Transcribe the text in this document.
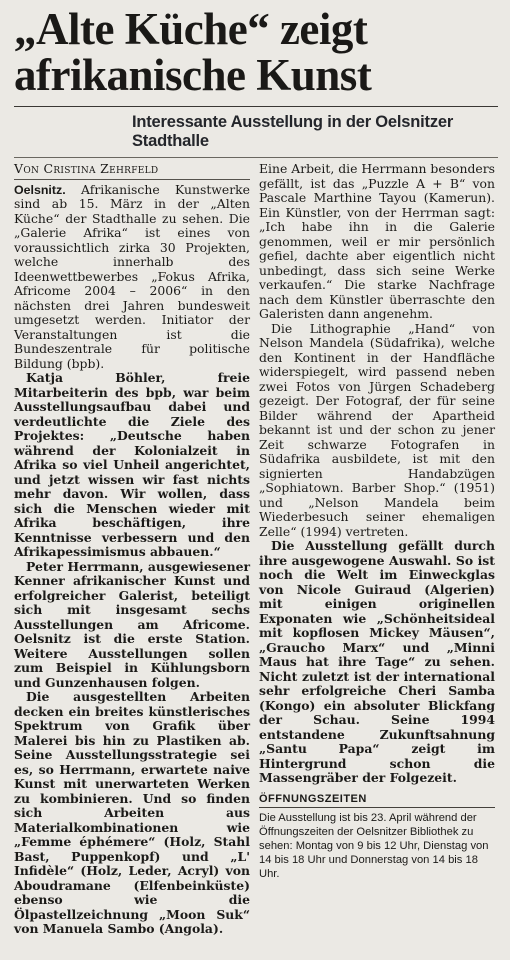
„Alte Küche“ zeigt
afrikanische Kunst
Interessante Ausstellung in der Oelsnitzer Stadthalle
Von Cristina Zehrfeld

Oelsnitz. Afrikanische Kunstwerke sind ab 15. März in der „Alten Küche“ der Stadthalle zu sehen. Die „Galerie Afrika“ ist eines von voraussichtlich zirka 30 Projekten, welche innerhalb des Ideenwettbewerbes „Fokus Afrika, Africome 2004 – 2006“ in den nächsten drei Jahren bundesweit umgesetzt werden. Initiator der Veranstaltungen ist die Bundeszentrale für politische Bildung (bpb).

Katja Böhler, freie Mitarbeiterin des bpb, war beim Ausstellungsaufbau dabei und verdeutlichte die Ziele des Projektes: „Deutsche haben während der Kolonialzeit in Afrika so viel Unheil angerichtet, und jetzt wissen wir fast nichts mehr davon. Wir wollen, dass sich die Menschen wieder mit Afrika beschäftigen, ihre Kenntnisse verbessern und den Afrikapessimismus abbauen.“

Peter Herrmann, ausgewiesener Kenner afrikanischer Kunst und erfolgreicher Galerist, beteiligt sich mit insgesamt sechs Ausstellungen am Africome. Oelsnitz ist die erste Station. Weitere Ausstellungen sollen zum Beispiel in Kühlungsborn und Gunzenhausen folgen.

Die ausgestellten Arbeiten decken ein breites künstlerisches Spektrum von Grafik über Malerei bis hin zu Plastiken ab. Seine Ausstellungsstrategie sei es, so Herrmann, erwartete naive Kunst mit unerwarteten Werken zu kombinieren. Und so finden sich Arbeiten aus Materialkombinationen wie „Femme éphémere“ (Holz, Stahl Bast, Puppenkopf) und „L' Infidèle“ (Holz, Leder, Acryl) von Aboudramane (Elfenbeinküste) ebenso wie die Ölpastellzeichnung „Moon Suk“ von Manuela Sambo (Angola).

Eine Arbeit, die Herrmann besonders gefällt, ist das „Puzzle A + B“ von Pascale Marthine Tayou (Kamerun). Ein Künstler, von der Herrman sagt: „Ich habe ihn in die Galerie genommen, weil er mir persönlich gefiel, dachte aber eigentlich nicht unbedingt, dass sich seine Werke verkaufen.“ Die starke Nachfrage nach dem Künstler überraschte den Galeristen dann angenehm.

Die Lithographie „Hand“ von Nelson Mandela (Südafrika), welche den Kontinent in der Handfläche widerspiegelt, wird passend neben zwei Fotos von Jürgen Schadeberg gezeigt. Der Fotograf, der für seine Bilder während der Apartheid bekannt ist und der schon zu jener Zeit schwarze Fotografen in Südafrika ausbildete, ist mit den signierten Handabzügen „Sophiatown. Barber Shop.“ (1951) und „Nelson Mandela beim Wiederbesuch seiner ehemaligen Zelle“ (1994) vertreten.

Die Ausstellung gefällt durch ihre ausgewogene Auswahl. So ist noch die Welt im Einweckglas von Nicole Guiraud (Algerien) mit einigen originellen Exponaten wie „Schönheitsideal mit kopflosen Mickey Mäusen“, „Graucho Marx“ und „Minni Maus hat ihre Tage“ zu sehen. Nicht zuletzt ist der international sehr erfolgreiche Cheri Samba (Kongo) ein absoluter Blickfang der Schau. Seine 1994 entstandene Zukunftsahnung „Santu Papa“ zeigt im Hintergrund schon die Massengräber der Folgezeit.

ÖFFNUNGSZEITEN
Die Ausstellung ist bis 23. April während der Öffnungszeiten der Oelsnitzer Bibliothek zu sehen: Montag von 9 bis 12 Uhr, Dienstag von 14 bis 18 Uhr und Donnerstag von 14 bis 18 Uhr.
